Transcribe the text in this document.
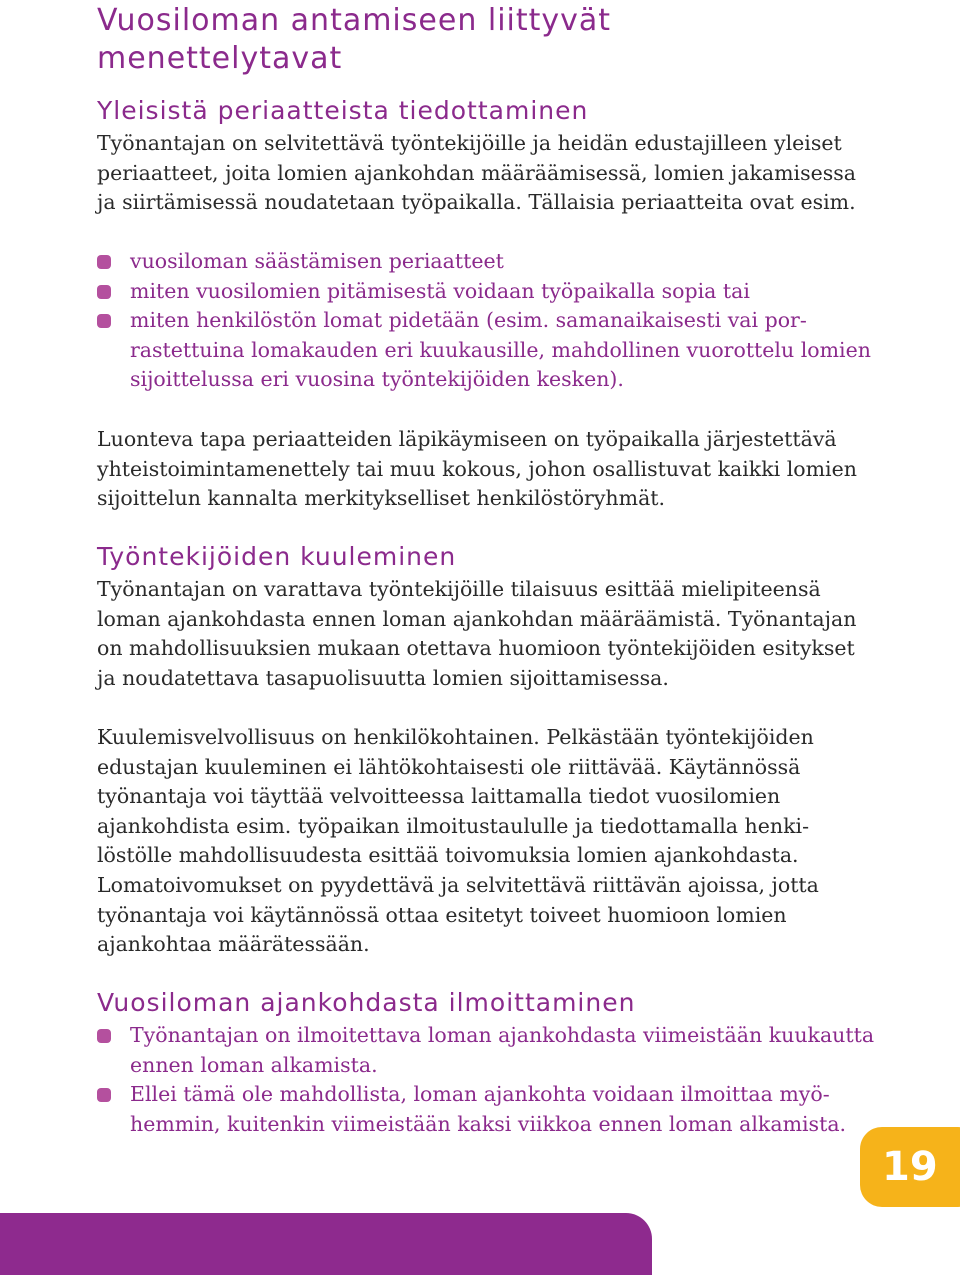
Vuosiloman antamiseen liittyvät menettelytavat
Yleisistä periaatteista tiedottaminen

Työnantajan on selvitettävä työntekijöille ja heidän edustajilleen yleiset periaatteet, joita lomien ajankohdan määräämisessä, lomien jakamisessa ja siirtämisessä noudatetaan työpaikalla. Tällaisia periaatteita ovat esim.

vuosiloman säästämisen periaatteet
miten vuosilomien pitämisestä voidaan työpaikalla sopia tai
miten henkilöstön lomat pidetään (esim. samanaikaisesti vai porrastettuina lomakauden eri kuukausille, mahdollinen vuorottelu lomien sijoittelussa eri vuosina työntekijöiden kesken).

Luonteva tapa periaatteiden läpikäymiseen on työpaikalla järjestettävä yhteistoimintamenettely tai muu kokous, johon osallistuvat kaikki lomien sijoittelun kannalta merkitykselliset henkilöstöryhmät.

Työntekijöiden kuuleminen

Työnantajan on varattava työntekijöille tilaisuus esittää mielipiteensä loman ajankohdasta ennen loman ajankohdan määräämistä. Työnantajan on mahdollisuuksien mukaan otettava huomioon työntekijöiden esitykset ja noudatettava tasapuolisuutta lomien sijoittamisessa.

Kuulemisvelvollisuus on henkilökohtainen. Pelkästään työntekijöiden edustajan kuuleminen ei lähtökohtaisesti ole riittävää. Käytännössä työnantaja voi täyttää velvoitteessa laittamalla tiedot vuosilomien ajankohdista esim. työpaikan ilmoitustaululle ja tiedottamalla henkilöstölle mahdollisuudesta esittää toivomuksia lomien ajankohdasta. Lomatoivomukset on pyydettävä ja selvitettävä riittävän ajoissa, jotta työnantaja voi käytännössä ottaa esitetyt toiveet huomioon lomien ajankohtaa määrätessään.

Vuosiloman ajankohdasta ilmoittaminen
Työnantajan on ilmoitettava loman ajankohdasta viimeistään kuukautta ennen loman alkamista.
Ellei tämä ole mahdollista, loman ajankohta voidaan ilmoittaa myöhemmin, kuitenkin viimeistään kaksi viikkoa ennen loman alkamista.
19
